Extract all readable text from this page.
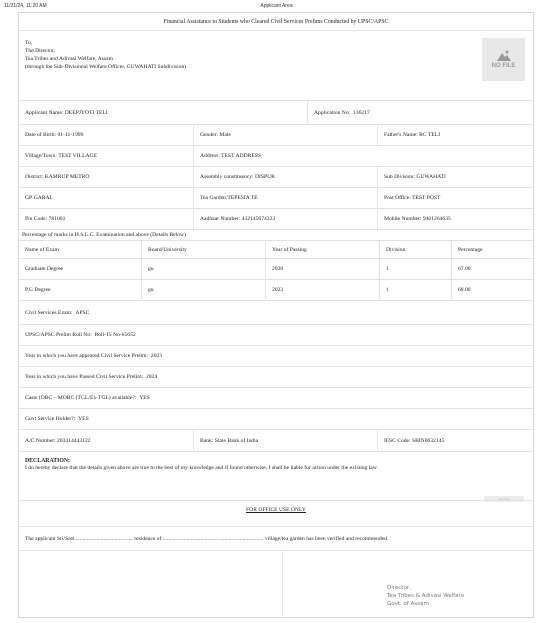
11/21/24, 11:20 AM	Applicant Area
Financial Assistance to Students who Cleared Civil Services Prelims Conducted by UPSC/APSC
To,
The Director,
Tea Tribes and Adivasi Welfare, Assam
(through the Sub-Divisional Welfare Officer, GUWAHATI Subdivision)	NO FILE
Applicant Name: DEEPJYOTI TELI	Application No:
136217
Date of Birth: 01-11-1999	Gender: Male	Father's Name: RC TELI
Village/Town: TEST VILLAGE	Address: TEST ADDRESS
District: KAMRUP METRO	Assembly constituency: DISPUR	Sub Division: GUWAHATI
GP:GARAL	Tea Garden:TEPESIA TE	Post Office: TEST POST
Pin Code: 781001	Aadhaar Number: 432145674323	Mobile Number: 9401264635
Percentage of marks in H.S.L.C. Examination and above (Details Below)
Name of Exam	Board/University	Year of Passing	Division	Percentage
Graduate Degree	gu	2020	1	67.00
P.G Degree	gu	2023	1	68.00
Civil Services Exam:
APSC
UPSC/APSC Prelim Roll No:
Roll-15 No-65652
Year in which you have appeared Civil Service Prelim:
2023
Year in which you have Passed Civil Service Prelim:
2024
Caste (OBC – MOBC (TGL/Ex-TGL) available?:
YES
Govt Service Holder?:
YES
A/C Number: 203314443122	Bank: State Bank of India	IFSC Code: SBIN0032145
DECLARATION:
I do hereby declare that the details given above are true to the best of my knowledge and if found otherwise, I shall be liable for action under the existing law.
NO FILE
FOR OFFICE USE ONLY
The applicant Sri/Smt.......................................... residence of ........................................ ............................... village/tea garden has been verified and recommended.
Director,
Tea Tribes & Adivasi Welfare
Govt. of Assam
